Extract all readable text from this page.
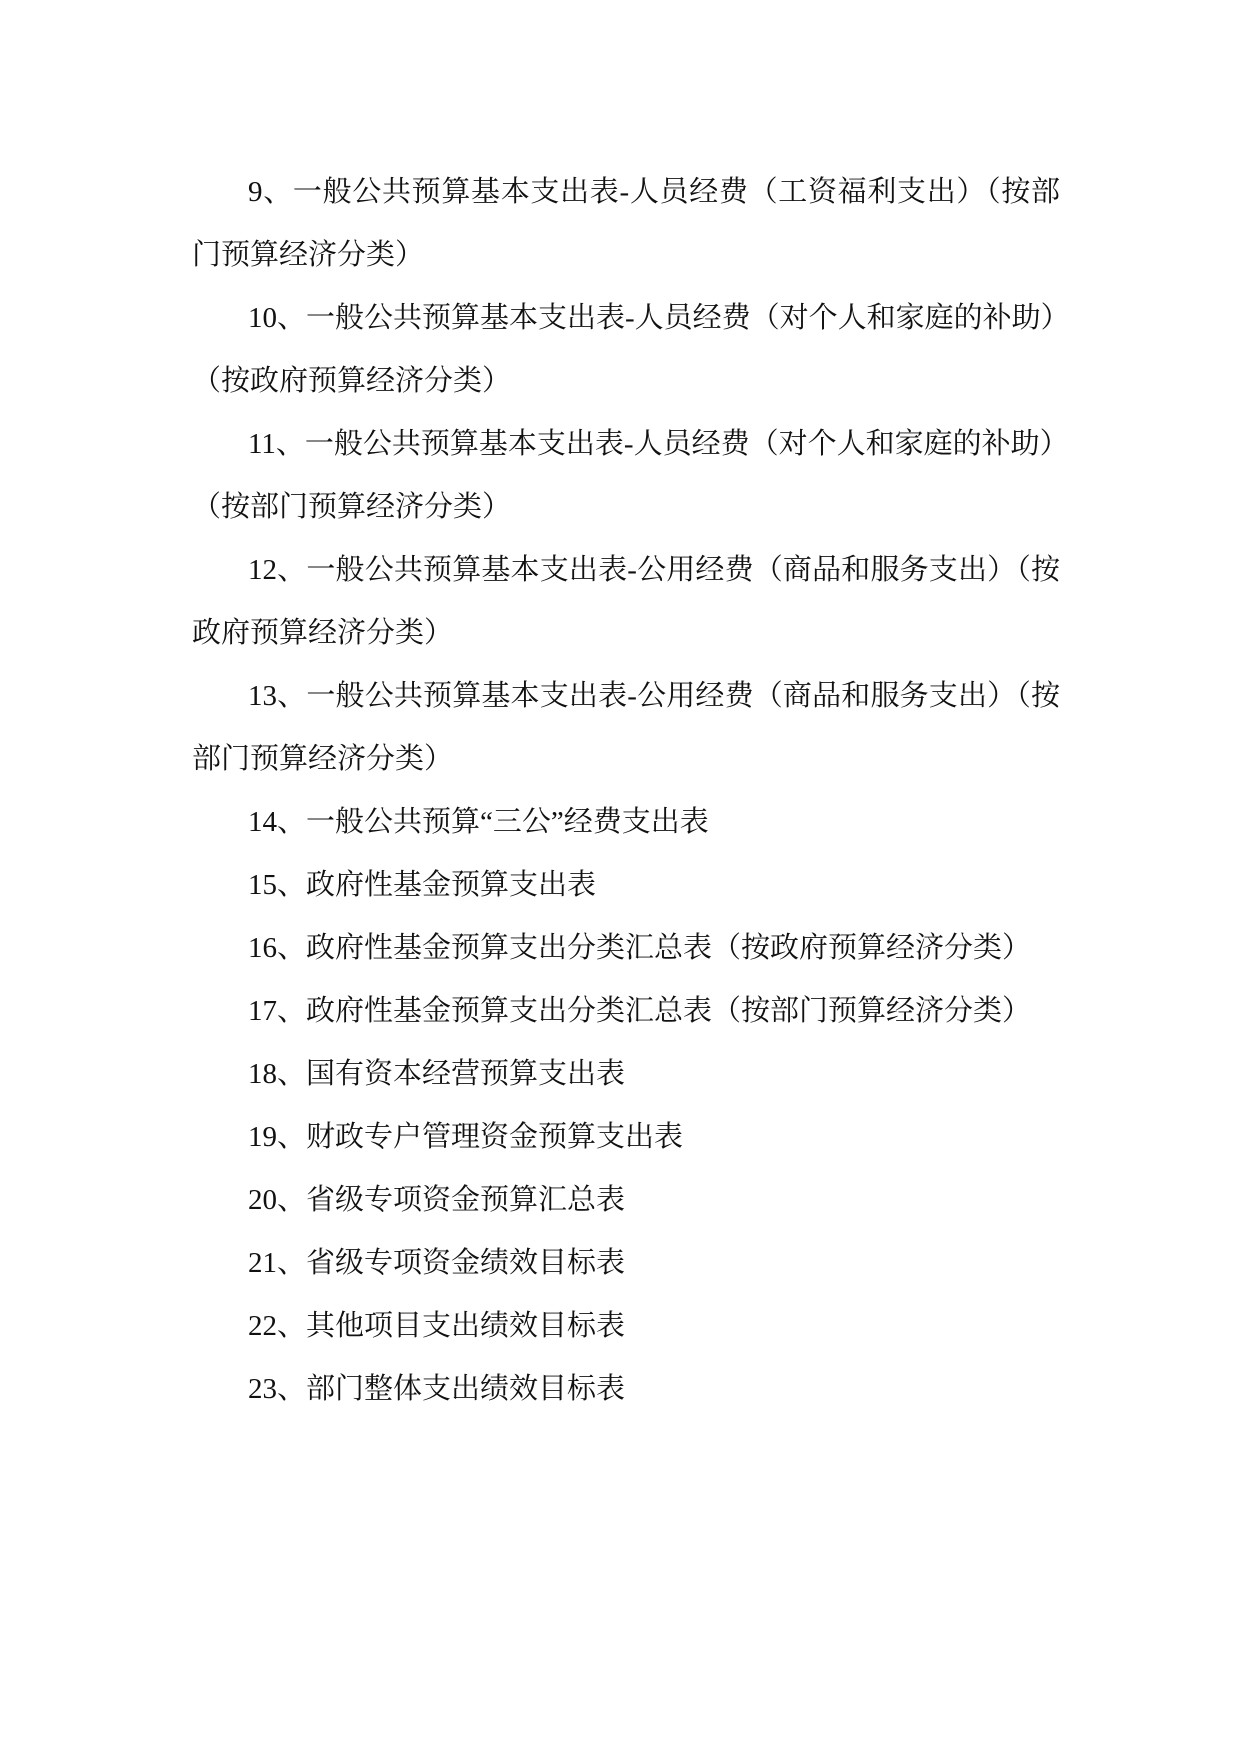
9、一般公共预算基本支出表-人员经费（工资福利支出）（按部
门预算经济分类）
10、一般公共预算基本支出表-人员经费（对个人和家庭的补助）
（按政府预算经济分类）
11、一般公共预算基本支出表-人员经费（对个人和家庭的补助）
（按部门预算经济分类）
12、一般公共预算基本支出表-公用经费（商品和服务支出）（按
政府预算经济分类）
13、一般公共预算基本支出表-公用经费（商品和服务支出）（按
部门预算经济分类）
14、一般公共预算“三公”经费支出表
15、政府性基金预算支出表
16、政府性基金预算支出分类汇总表（按政府预算经济分类）
17、政府性基金预算支出分类汇总表（按部门预算经济分类）
18、国有资本经营预算支出表
19、财政专户管理资金预算支出表
20、省级专项资金预算汇总表
21、省级专项资金绩效目标表
22、其他项目支出绩效目标表
23、部门整体支出绩效目标表
